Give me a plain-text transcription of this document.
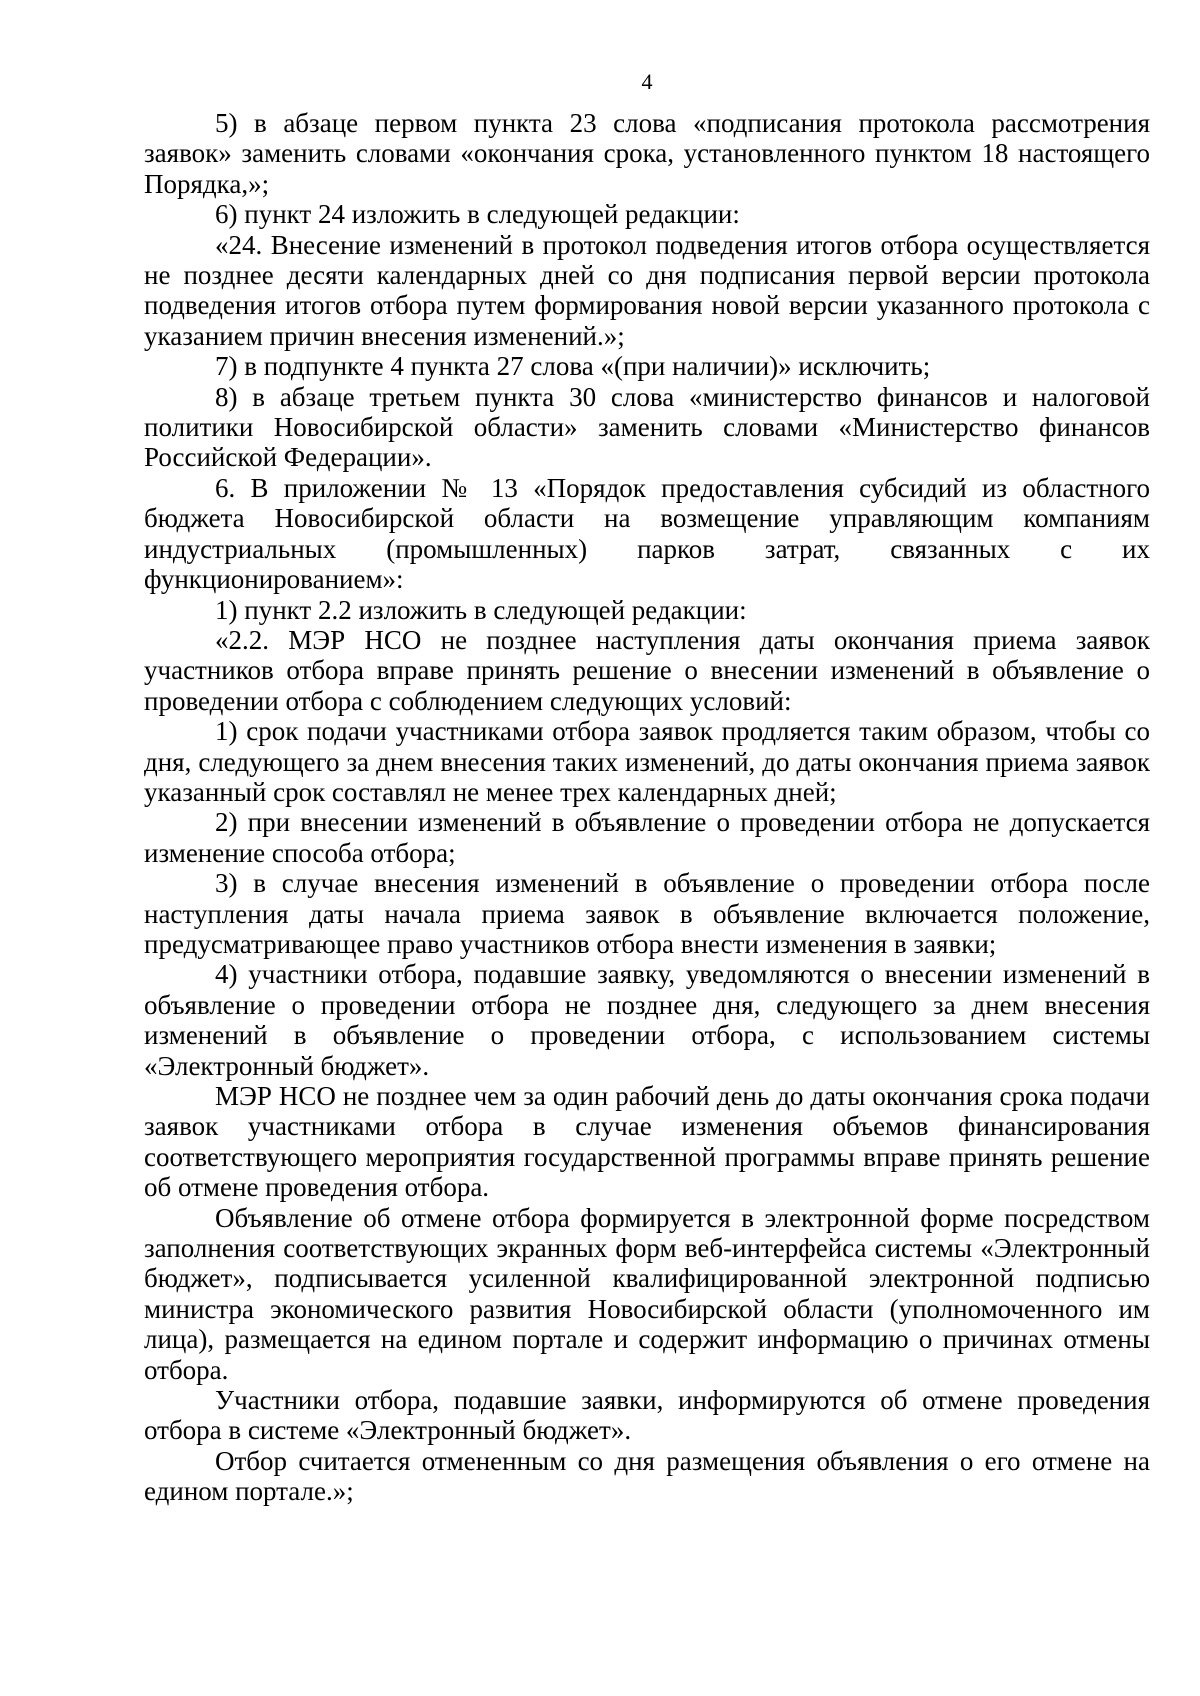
4

5) в абзаце первом пункта 23 слова «подписания протокола рассмотрения заявок» заменить словами «окончания срока, установленного пунктом 18 настоящего Порядка,»;

6) пункт 24 изложить в следующей редакции:

«24. Внесение изменений в протокол подведения итогов отбора осуществляется не позднее десяти календарных дней со дня подписания первой версии протокола подведения итогов отбора путем формирования новой версии указанного протокола с указанием причин внесения изменений.»;

7) в подпункте 4 пункта 27 слова «(при наличии)» исключить;

8) в абзаце третьем пункта 30 слова «министерство финансов и налоговой политики Новосибирской области» заменить словами «Министерство финансов Российской Федерации».

6. В приложении № 13 «Порядок предоставления субсидий из областного бюджета Новосибирской области на возмещение управляющим компаниям индустриальных (промышленных) парков затрат, связанных с их функционированием»:

1) пункт 2.2 изложить в следующей редакции:

«2.2. МЭР НСО не позднее наступления даты окончания приема заявок участников отбора вправе принять решение о внесении изменений в объявление о проведении отбора с соблюдением следующих условий:

1) срок подачи участниками отбора заявок продляется таким образом, чтобы со дня, следующего за днем внесения таких изменений, до даты окончания приема заявок указанный срок составлял не менее трех календарных дней;

2) при внесении изменений в объявление о проведении отбора не допускается изменение способа отбора;

3) в случае внесения изменений в объявление о проведении отбора после наступления даты начала приема заявок в объявление включается положение, предусматривающее право участников отбора внести изменения в заявки;

4) участники отбора, подавшие заявку, уведомляются о внесении изменений в объявление о проведении отбора не позднее дня, следующего за днем внесения изменений в объявление о проведении отбора, с использованием системы «Электронный бюджет».

МЭР НСО не позднее чем за один рабочий день до даты окончания срока подачи заявок участниками отбора в случае изменения объемов финансирования соответствующего мероприятия государственной программы вправе принять решение об отмене проведения отбора.

Объявление об отмене отбора формируется в электронной форме посредством заполнения соответствующих экранных форм веб-интерфейса системы «Электронный бюджет», подписывается усиленной квалифицированной электронной подписью министра экономического развития Новосибирской области (уполномоченного им лица), размещается на едином портале и содержит информацию о причинах отмены отбора.

Участники отбора, подавшие заявки, информируются об отмене проведения отбора в системе «Электронный бюджет».

Отбор считается отмененным со дня размещения объявления о его отмене на едином портале.»;
